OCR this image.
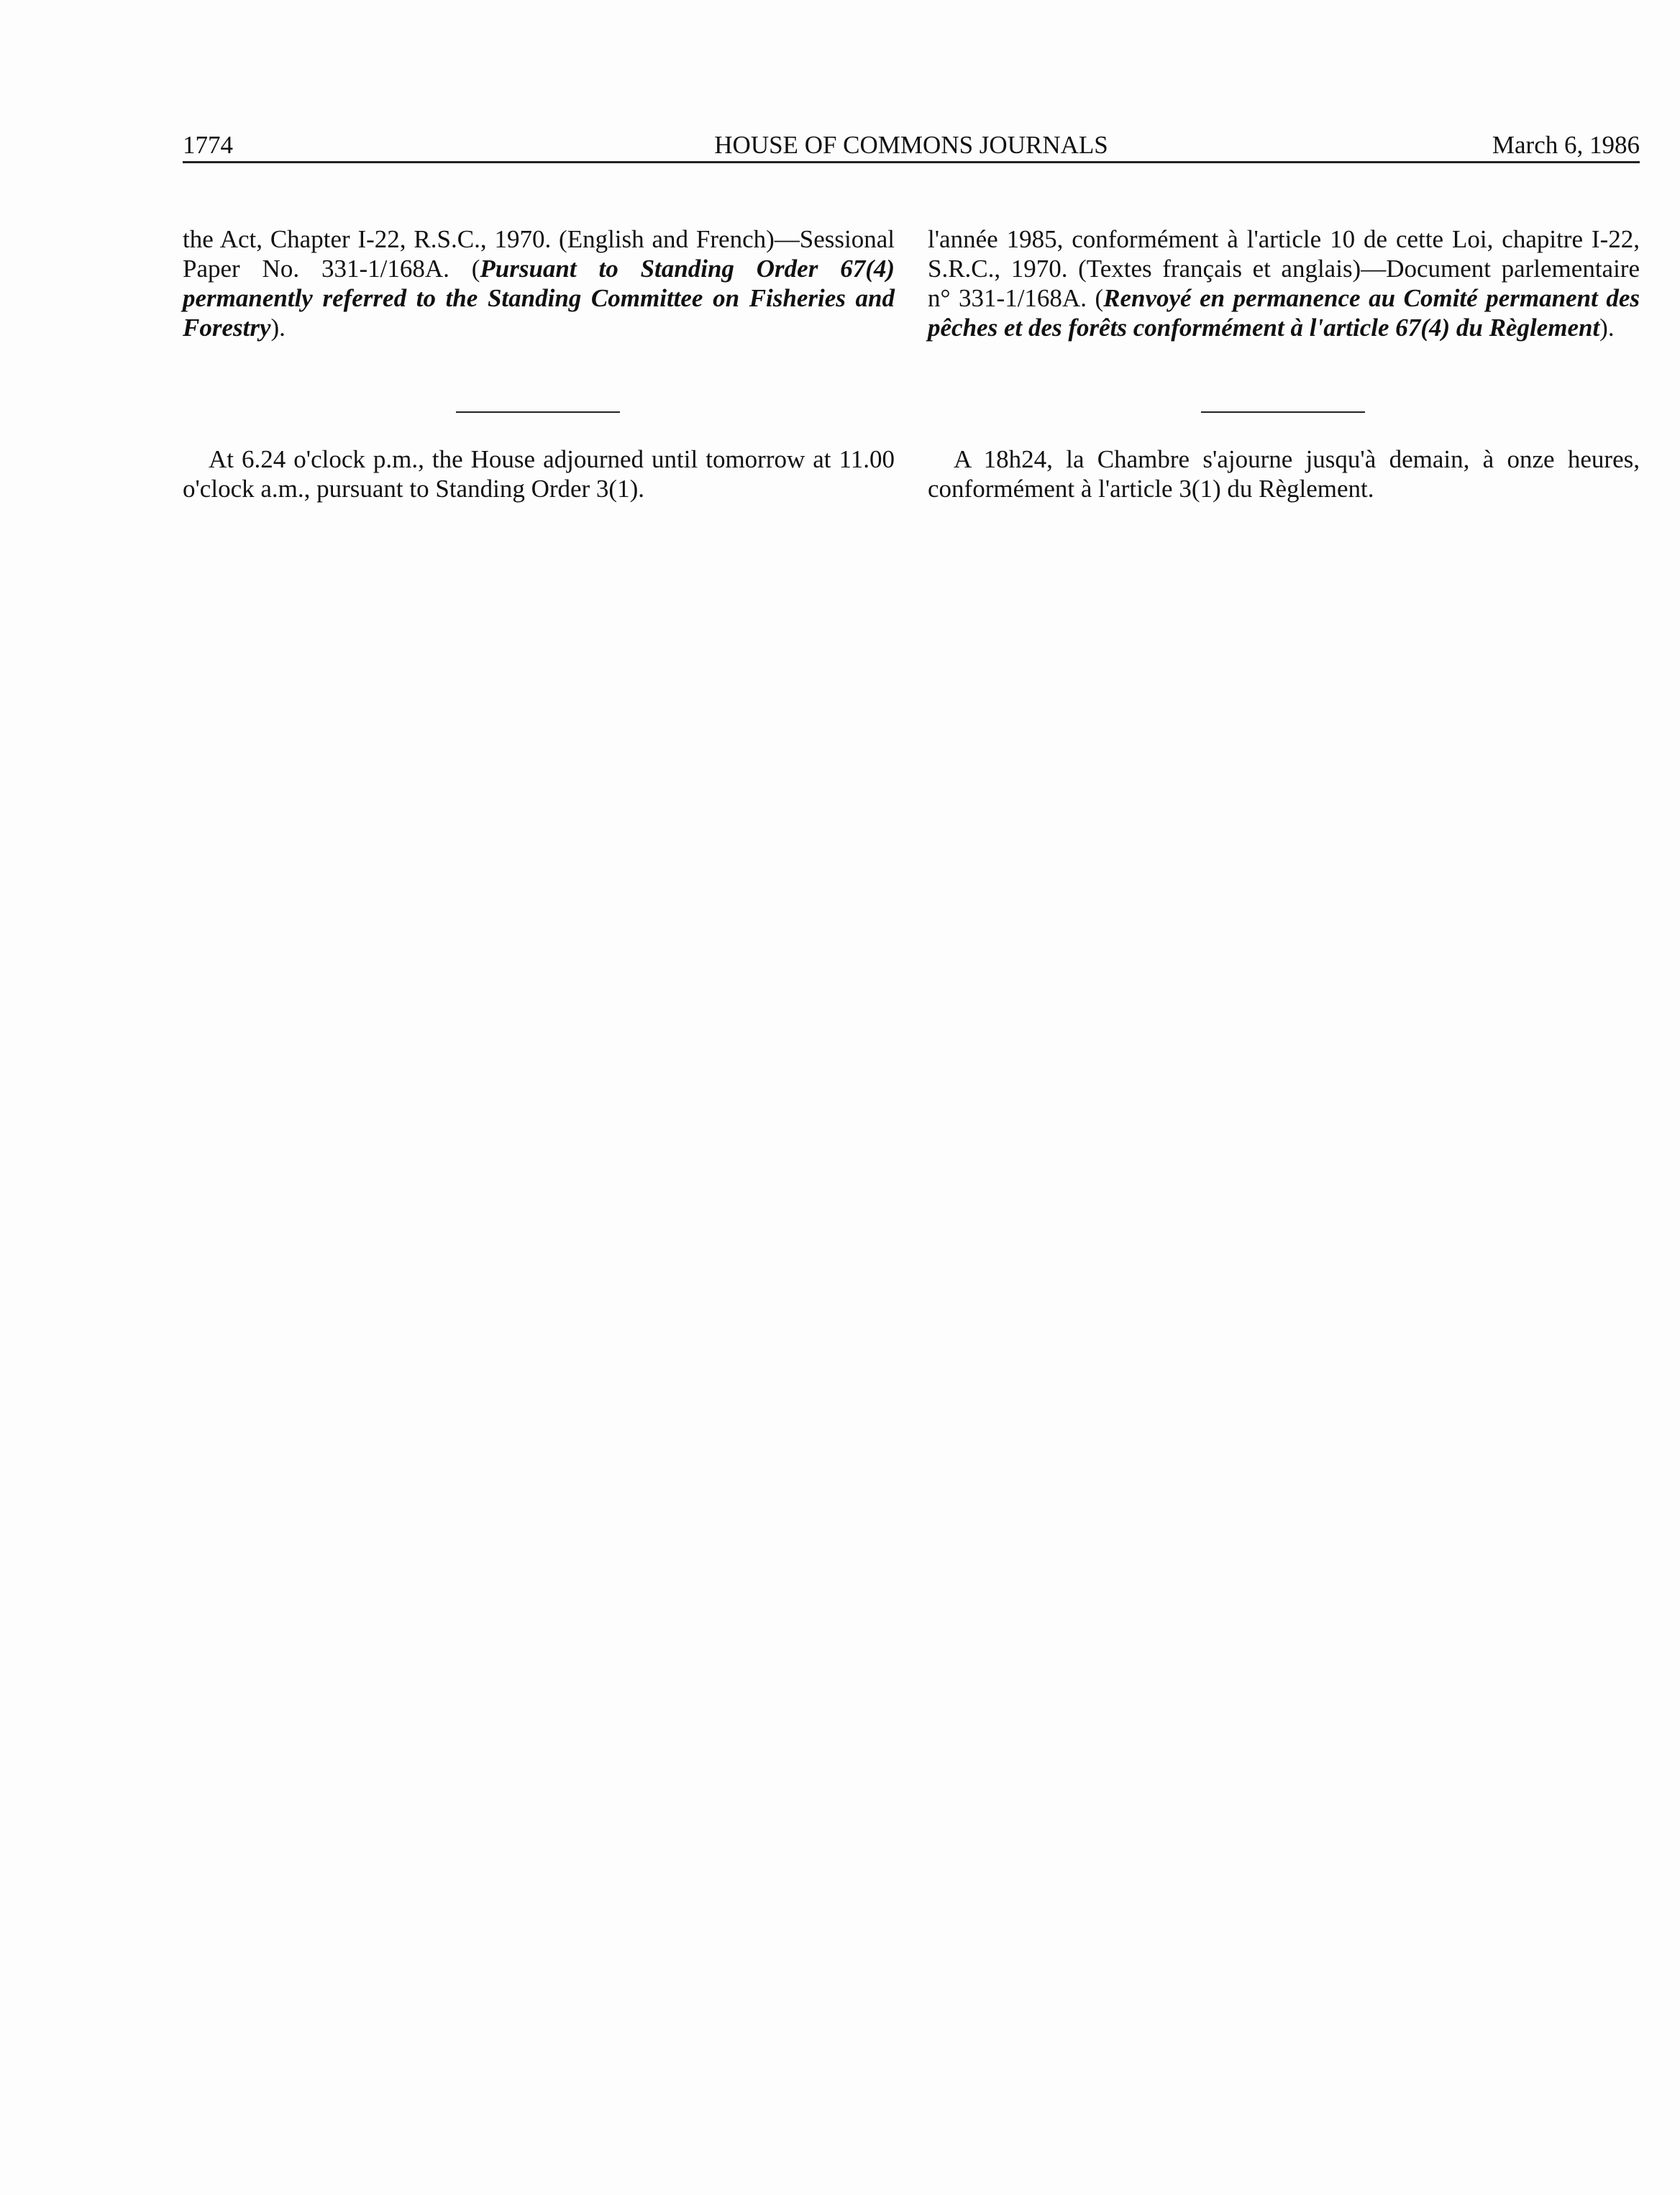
1774	HOUSE OF COMMONS JOURNALS	March 6, 1986

the Act, Chapter I-22, R.S.C., 1970. (English and French)—Sessional Paper No. 331-1/168A. (Pursuant to Standing Order 67(4) permanently referred to the Standing Committee on Fisheries and Forestry).

l'année 1985, conformément à l'article 10 de cette Loi, chapitre I-22, S.R.C., 1970. (Textes français et anglais)—Document parlementaire n° 331-1/168A. (Renvoyé en permanence au Comité permanent des pêches et des forêts conformément à l'article 67(4) du Règlement).

At 6.24 o'clock p.m., the House adjourned until tomorrow at 11.00 o'clock a.m., pursuant to Standing Order 3(1).

A 18h24, la Chambre s'ajourne jusqu'à demain, à onze heures, conformément à l'article 3(1) du Règlement.
